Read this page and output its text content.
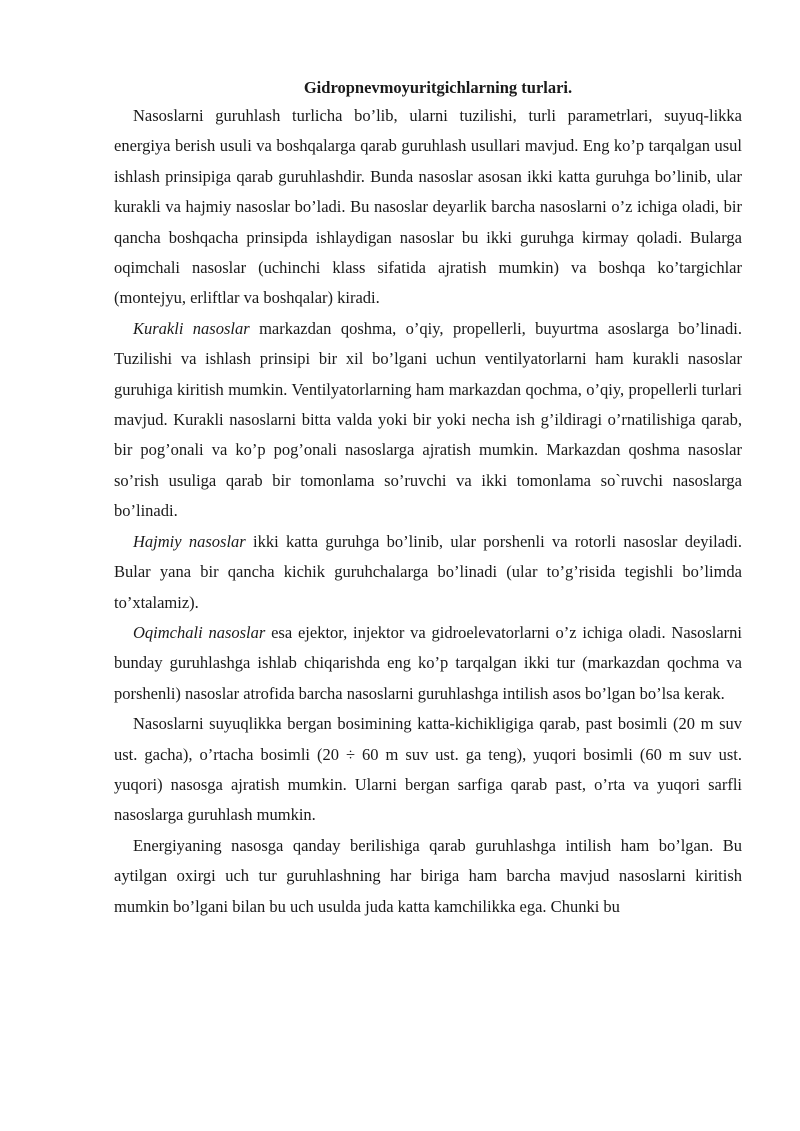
Gidropnevmoyuritgichlarning turlari.

Nasoslarni guruhlash turlicha bo’lib, ularni tuzilishi, turli parametrlari, suyuq-likka energiya berish usuli va boshqalarga qarab guruhlash usullari mavjud. Eng ko’p tarqalgan usul ishlash prinsipiga qarab guruhlashdir. Bunda nasoslar asosan ikki katta guruhga bo’linib, ular kurakli va hajmiy nasoslar bo’ladi. Bu nasoslar deyarlik barcha nasoslarni o’z ichiga oladi, bir qancha boshqacha prinsipda ishlaydigan nasoslar bu ikki guruhga kirmay qoladi. Bularga oqimchali nasoslar (uchinchi klass sifatida ajratish mumkin) va boshqa ko’targichlar (montejyu, erliftlar va boshqalar) kiradi.

Kurakli nasoslar markazdan qoshma, o’qiy, propellerli, buyurtma asoslarga bo’linadi. Tuzilishi va ishlash prinsipi bir xil bo’lgani uchun ventilyatorlarni ham kurakli nasoslar guruhiga kiritish mumkin. Ventilyatorlarning ham markazdan qochma, o’qiy, propellerli turlari mavjud. Kurakli nasoslarni bitta valda yoki bir yoki necha ish g’ildiragi o’rnatilishiga qarab, bir pog’onali va ko’p pog’onali nasoslarga ajratish mumkin. Markazdan qoshma nasoslar so’rish usuliga qarab bir tomonlama so’ruvchi va ikki tomonlama so`ruvchi nasoslarga bo’linadi.

Hajmiy nasoslar ikki katta guruhga bo’linib, ular porshenli va rotorli nasoslar deyiladi. Bular yana bir qancha kichik guruhchalarga bo’linadi (ular to’g’risida tegishli bo’limda to’xtalamiz).

Oqimchali nasoslar esa ejektor, injektor va gidroelevatorlarni o’z ichiga oladi. Nasoslarni bunday guruhlashga ishlab chiqarishda eng ko’p tarqalgan ikki tur (markazdan qochma va porshenli) nasoslar atrofida barcha nasoslarni guruhlashga intilish asos bo’lgan bo’lsa kerak.

Nasoslarni suyuqlikka bergan bosimining katta-kichikligiga qarab, past bosimli (20 m suv ust. gacha), o’rtacha bosimli (20 ÷ 60 m suv ust. ga teng), yuqori bosimli (60 m suv ust. yuqori) nasosga ajratish mumkin. Ularni bergan sarfiga qarab past, o’rta va yuqori sarfli nasoslarga guruhlash mumkin.

Energiyaning nasosga qanday berilishiga qarab guruhlashga intilish ham bo’lgan. Bu aytilgan oxirgi uch tur guruhlashning har biriga ham barcha mavjud nasoslarni kiritish mumkin bo’lgani bilan bu uch usulda juda katta kamchilikka ega. Chunki bu
